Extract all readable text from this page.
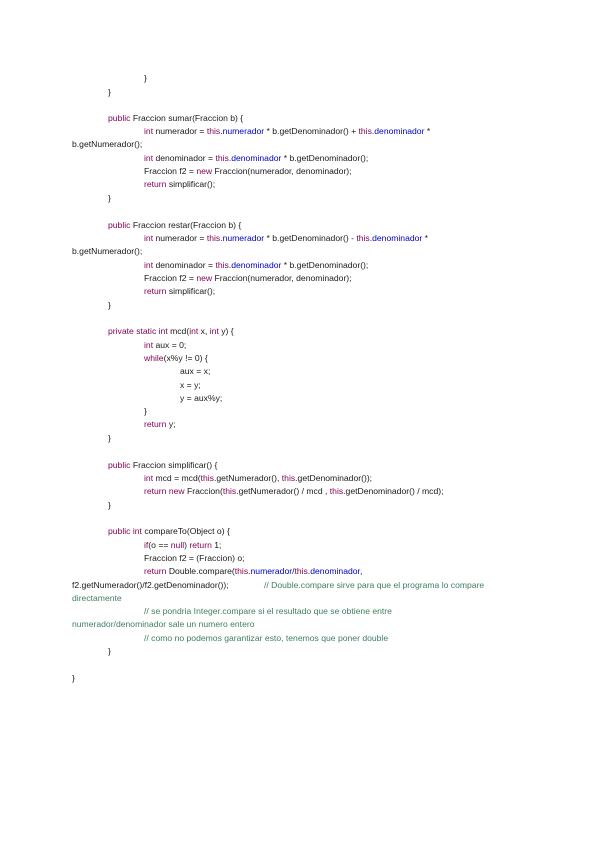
}
}
public Fraccion sumar(Fraccion b) {
int numerador = this.numerador * b.getDenominador() + this.denominador *
b.getNumerador();
int denominador = this.denominador * b.getDenominador();
Fraccion f2 = new Fraccion(numerador, denominador);
return simplificar();
}
public Fraccion restar(Fraccion b) {
int numerador = this.numerador * b.getDenominador() - this.denominador *
b.getNumerador();
int denominador = this.denominador * b.getDenominador();
Fraccion f2 = new Fraccion(numerador, denominador);
return simplificar();
}
private static int mcd(int x, int y) {
int aux = 0;
while(x%y != 0) {
aux = x;
x = y;
y = aux%y;
}
return y;
}
public Fraccion simplificar() {
int mcd = mcd(this.getNumerador(), this.getDenominador());
return new Fraccion(this.getNumerador() / mcd , this.getDenominador() / mcd);
}
public int compareTo(Object o) {
if(o == null) return 1;
Fraccion f2 = (Fraccion) o;
return Double.compare(this.numerador/this.denominador,
f2.getNumerador()/f2.getDenominador());	// Double.compare sirve para que el programa lo compare
directamente
// se pondria Integer.compare si el resultado que se obtiene entre
numerador/denominador sale un numero entero
// como no podemos garantizar esto, tenemos que poner double
}
}
